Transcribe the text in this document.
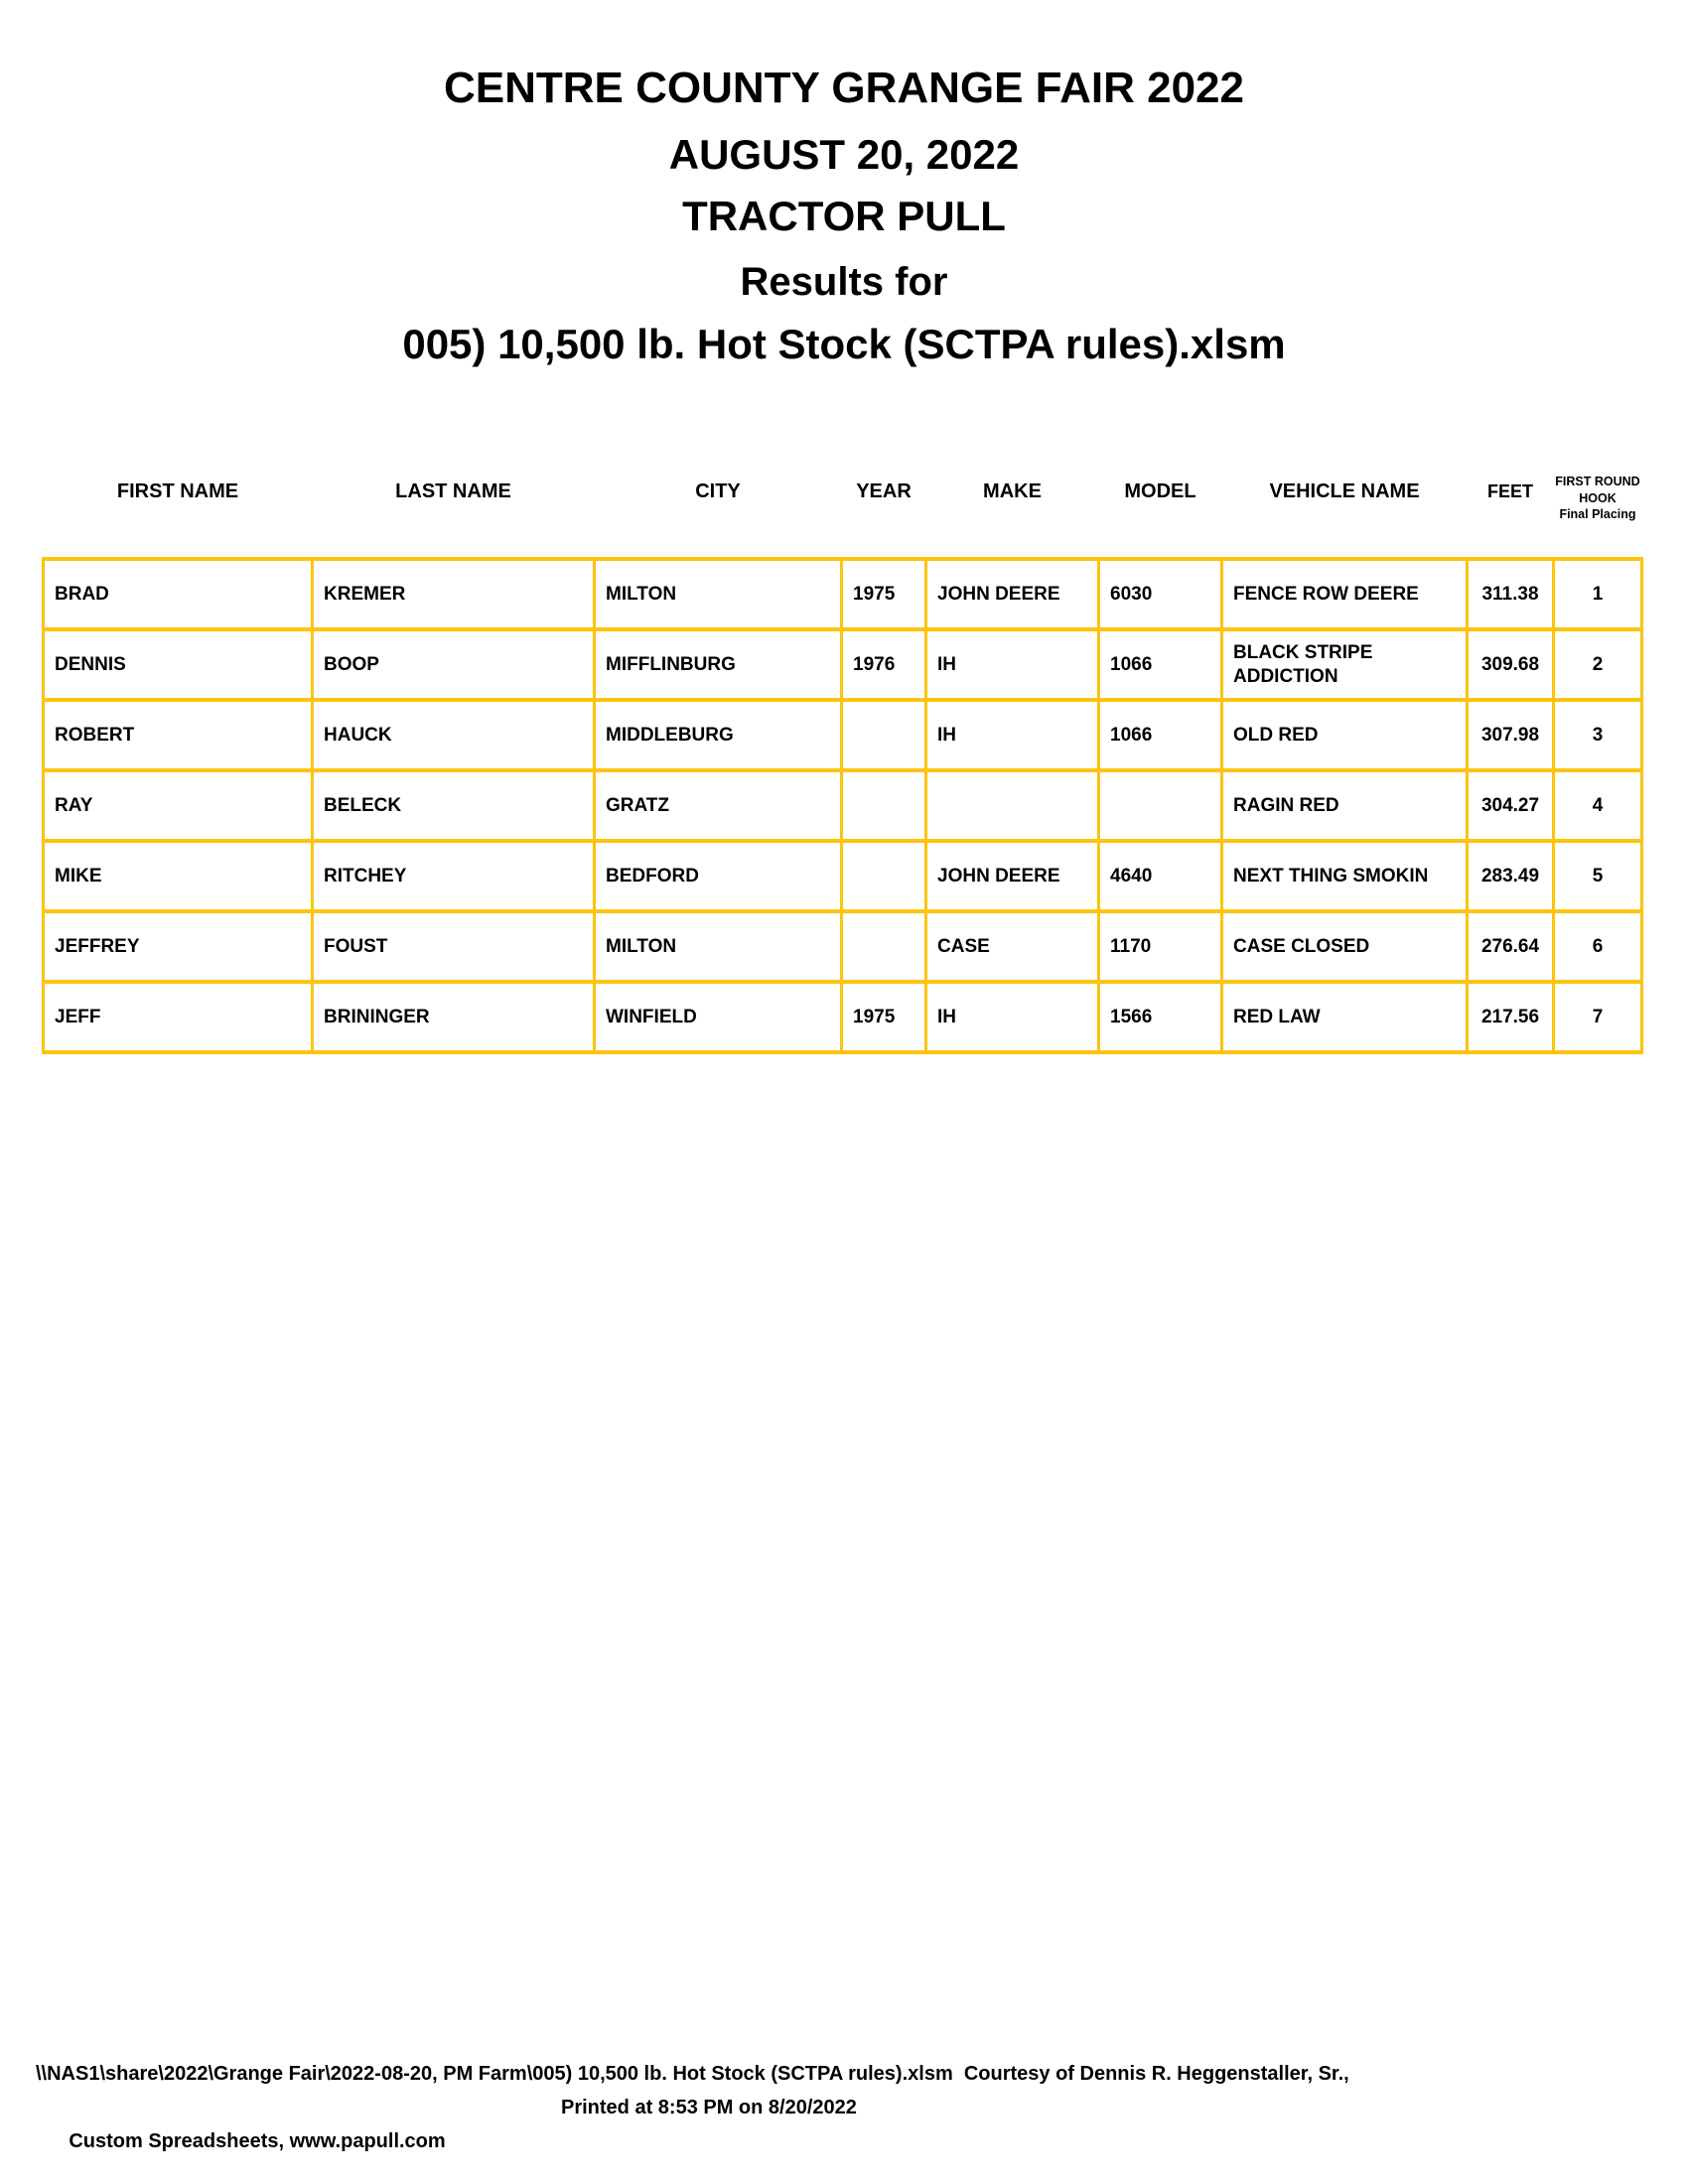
CENTRE COUNTY GRANGE FAIR 2022
AUGUST 20, 2022
TRACTOR PULL
Results for
005) 10,500 lb. Hot Stock (SCTPA rules).xlsm
FIRST NAME	LAST NAME	CITY	YEAR	MAKE	MODEL	VEHICLE NAME	FEET	FIRST ROUND
HOOK
Final Placing

BRAD	KREMER	MILTON	1975	JOHN DEERE	6030	FENCE ROW DEERE	311.38	1
DENNIS	BOOP	MIFFLINBURG	1976	IH	1066	BLACK STRIPE ADDICTION	309.68	2
ROBERT	HAUCK	MIDDLEBURG		IH	1066	OLD RED	307.98	3
RAY	BELECK	GRATZ				RAGIN RED	304.27	4
MIKE	RITCHEY	BEDFORD		JOHN DEERE	4640	NEXT THING SMOKIN	283.49	5
JEFFREY	FOUST	MILTON		CASE	1170	CASE CLOSED	276.64	6
JEFF	BRININGER	WINFIELD	1975	IH	1566	RED LAW	217.56	7
\\NAS1\share\2022\Grange Fair\2022-08-20, PM Farm\005) 10,500 lb. Hot Stock (SCTPA rules).xlsm  Courtesy of Dennis R. Heggenstaller, Sr.,

Custom Spreadsheets, www.papull.com

Printed at 8:53 PM on 8/20/2022
